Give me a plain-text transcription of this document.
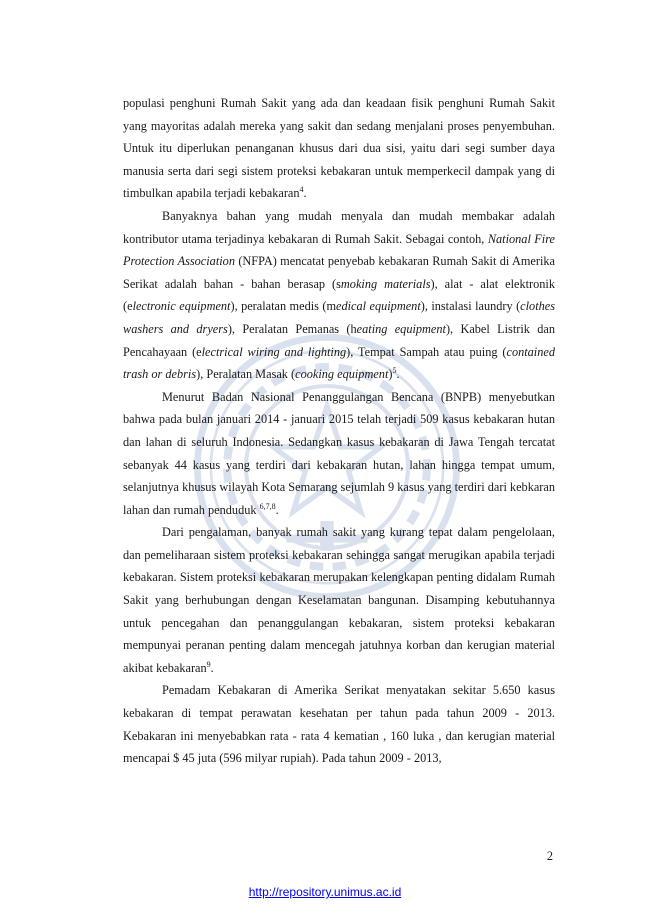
populasi penghuni Rumah Sakit yang ada dan keadaan fisik penghuni Rumah Sakit yang mayoritas adalah mereka yang sakit dan sedang menjalani proses penyembuhan. Untuk itu diperlukan penanganan khusus dari dua sisi, yaitu dari segi sumber daya manusia serta dari segi sistem proteksi kebakaran untuk memperkecil dampak yang di timbulkan apabila terjadi kebakaran$^4$.

Banyaknya bahan yang mudah menyala dan mudah membakar adalah kontributor utama terjadinya kebakaran di Rumah Sakit. Sebagai contoh, National Fire Protection Association (NFPA) mencatat penyebab kebakaran Rumah Sakit di Amerika Serikat adalah bahan - bahan berasap (smoking materials), alat - alat elektronik (electronic equipment), peralatan medis (medical equipment), instalasi laundry (clothes washers and dryers), Peralatan Pemanas (heating equipment), Kabel Listrik dan Pencahayaan (electrical wiring and lighting), Tempat Sampah atau puing (contained trash or debris), Peralatan Masak (cooking equipment)$^5$.

Menurut Badan Nasional Penanggulangan Bencana (BNPB) menyebutkan bahwa pada bulan januari 2014 - januari 2015 telah terjadi 509 kasus kebakaran hutan dan lahan di seluruh Indonesia. Sedangkan kasus kebakaran di Jawa Tengah tercatat sebanyak 44 kasus yang terdiri dari kebakaran hutan, lahan hingga tempat umum, selanjutnya khusus wilayah Kota Semarang sejumlah 9 kasus yang terdiri dari kebkaran lahan dan rumah penduduk $^{6,7,8}$.

Dari pengalaman, banyak rumah sakit yang kurang tepat dalam pengelolaan, dan pemeliharaan sistem proteksi kebakaran sehingga sangat merugikan apabila terjadi kebakaran. Sistem proteksi kebakaran merupakan kelengkapan penting didalam Rumah Sakit yang berhubungan dengan Keselamatan bangunan. Disamping kebutuhannya untuk pencegahan dan penanggulangan kebakaran, sistem proteksi kebakaran mempunyai peranan penting dalam mencegah jatuhnya korban dan kerugian material akibat kebakaran$^9$.

Pemadam Kebakaran di Amerika Serikat menyatakan sekitar 5.650 kasus kebakaran di tempat perawatan kesehatan per tahun pada tahun 2009 - 2013. Kebakaran ini menyebabkan rata - rata 4 kematian , 160 luka , dan kerugian material mencapai $ 45 juta (596 milyar rupiah). Pada tahun 2009 - 2013,

2
http://repository.unimus.ac.id
